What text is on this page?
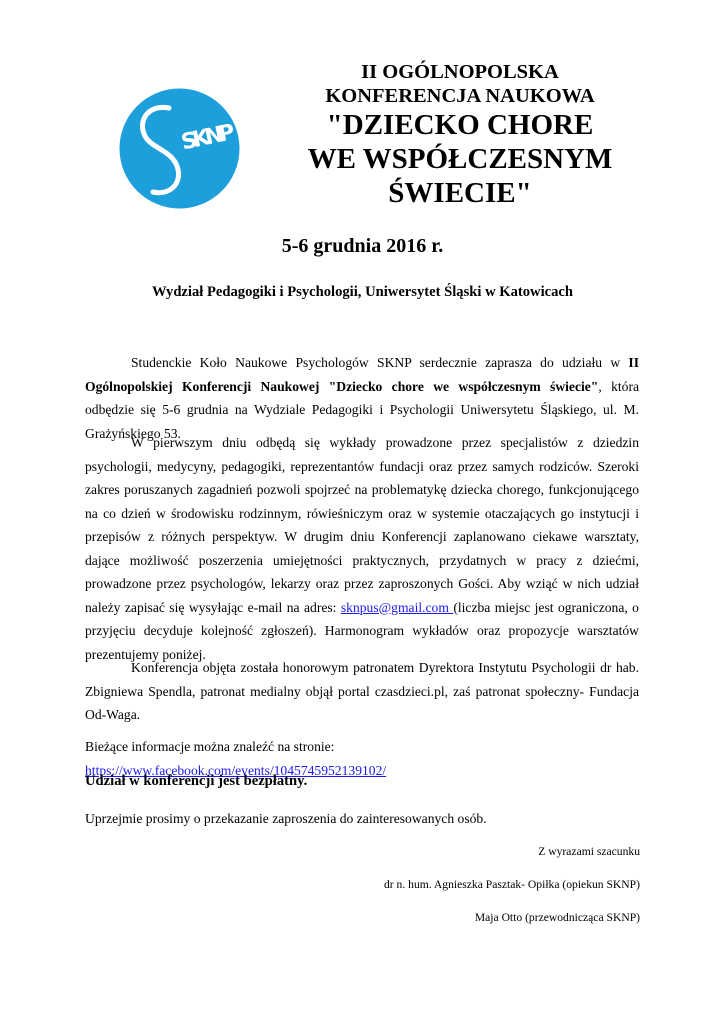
SKNP
II OGÓLNOPOLSKA
KONFERENCJA NAUKOWA
"DZIECKO CHORE
WE WSPÓŁCZESNYM
ŚWIECIE"
5-6 grudnia 2016 r.
Wydział Pedagogiki i Psychologii, Uniwersytet Śląski w Katowicach
Studenckie Koło Naukowe Psychologów SKNP serdecznie zaprasza do udziału w II Ogólnopolskiej Konferencji Naukowej "Dziecko chore we współczesnym świecie", która odbędzie się 5-6 grudnia na Wydziale Pedagogiki i Psychologii Uniwersytetu Śląskiego, ul. M. Grażyńskiego 53.
W pierwszym dniu odbędą się wykłady prowadzone przez specjalistów z dziedzin psychologii, medycyny, pedagogiki, reprezentantów fundacji oraz przez samych rodziców. Szeroki zakres poruszanych zagadnień pozwoli spojrzeć na problematykę dziecka chorego, funkcjonującego na co dzień w środowisku rodzinnym, rówieśniczym oraz w systemie otaczających go instytucji i przepisów z różnych perspektyw. W drugim dniu Konferencji zaplanowano ciekawe warsztaty, dające możliwość poszerzenia umiejętności praktycznych, przydatnych w pracy z dziećmi, prowadzone przez psychologów, lekarzy oraz przez zaproszonych Gości. Aby wziąć w nich udział należy zapisać się wysyłając e-mail na adres: sknpus@gmail.com (liczba miejsc jest ograniczona, o przyjęciu decyduje kolejność zgłoszeń). Harmonogram wykładów oraz propozycje warsztatów prezentujemy poniżej.
Konferencja objęta została honorowym patronatem Dyrektora Instytutu Psychologii dr hab. Zbigniewa Spendla, patronat medialny objął portal czasdzieci.pl, zaś patronat społeczny- Fundacja Od-Waga.
Bieżące informacje można znaleźć na stronie: https://www.facebook.com/events/1045745952139102/
Udział w konferencji jest bezpłatny.
Uprzejmie prosimy o przekazanie zaproszenia do zainteresowanych osób.
Z wyrazami szacunku
dr n. hum. Agnieszka Pasztak- Opiłka (opiekun SKNP)
Maja Otto (przewodnicząca SKNP)
